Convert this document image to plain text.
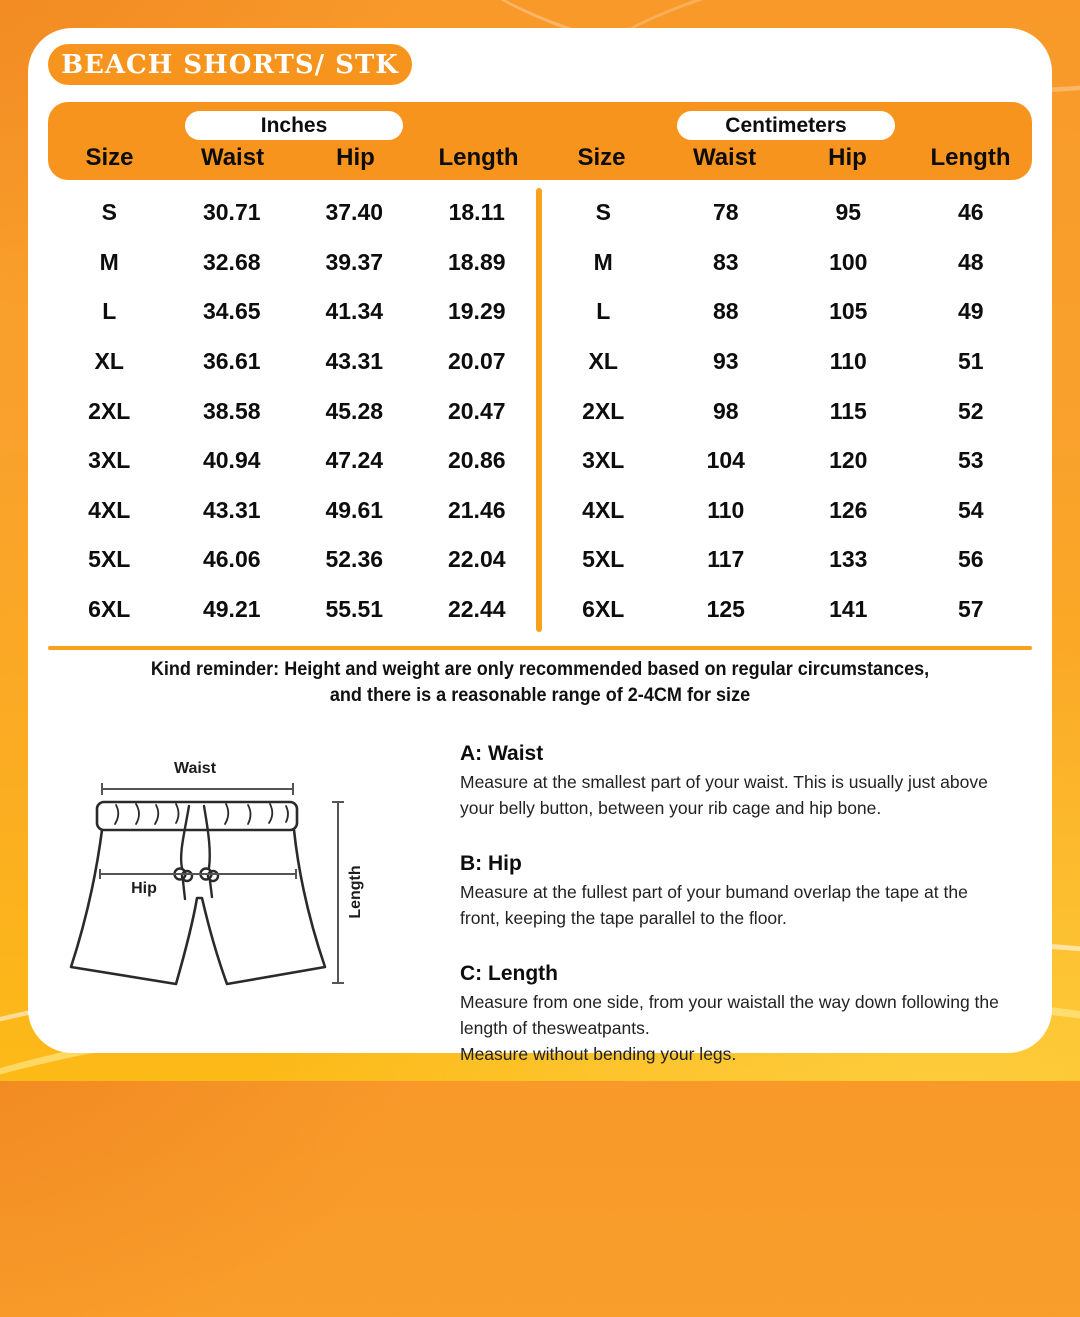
BEACH SHORTS/ STK
Inches
Size	Waist	Hip	Length
Centimeters
Size	Waist	Hip	Length
S	30.71	37.40	18.11
M	32.68	39.37	18.89
L	34.65	41.34	19.29
XL	36.61	43.31	20.07
2XL	38.58	45.28	20.47
3XL	40.94	47.24	20.86
4XL	43.31	49.61	21.46
5XL	46.06	52.36	22.04
6XL	49.21	55.51	22.44
S	78	95	46
M	83	100	48
L	88	105	49
XL	93	110	51
2XL	98	115	52
3XL	104	120	53
4XL	110	126	54
5XL	117	133	56
6XL	125	141	57
Kind reminder: Height and weight are only recommended based on regular circumstances,
and there is a reasonable range of 2-4CM for size
Waist
Hip	Length
A: Waist
Measure at the smallest part of your waist. This is usually just above your belly button, between your rib cage and hip bone.
B: Hip
Measure at the fullest part of your bumand overlap the tape at the front, keeping the tape parallel to the floor.
C: Length
Measure from one side, from your waistall the way down following the length of thesweatpants.
Measure without bending your legs.
